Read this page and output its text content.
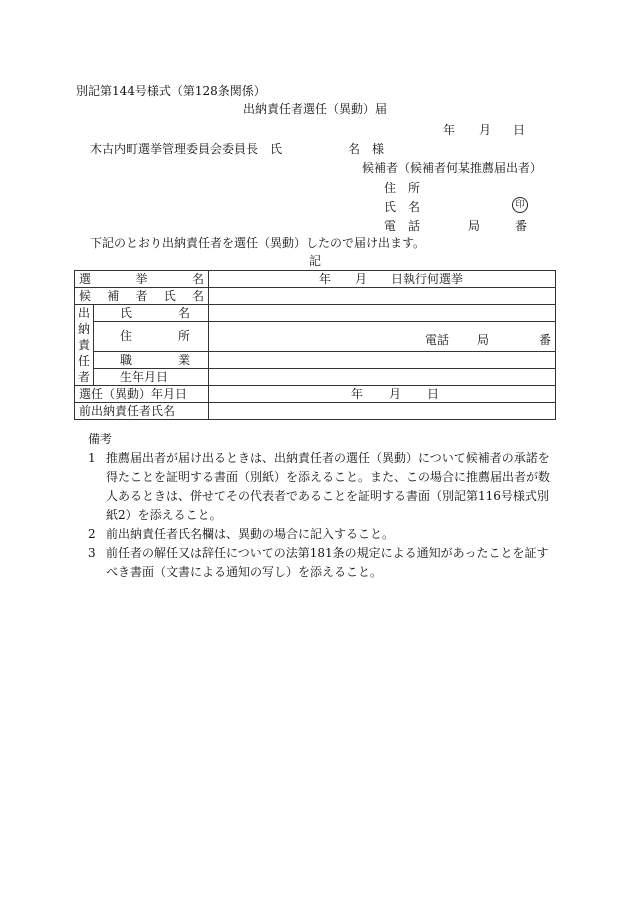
別記第144号様式（第128条関係）
出納責任者選任（異動）届
年 月 日
木古内町選挙管理委員会委員長　氏	名　様
候補者（候補者何某推薦届出者）
住　所
氏　名	印
電　話	局	番
下記のとおり出納責任者を選任（異動）したので届け出ます。
記
選 挙 名		年　　月　　日執行何選挙

候 補 者 氏 名		

出
納
責
任
者	氏 名	

	住 所	電話 局 番

	職 業	

	生年月日	
選任（異動）年月日		年 月 日
前出納責任者氏名		
備考
1 推薦届出者が届け出るときは、出納責任者の選任（異動）について候補者の承諾を得たことを証明する書面（別紙）を添えること。また、この場合に推薦届出者が数人あるときは、併せてその代表者であることを証明する書面（別記第116号様式別紙2）を添えること。
2 前出納責任者氏名欄は、異動の場合に記入すること。
3 前任者の解任又は辞任についての法第181条の規定による通知があったことを証すべき書面（文書による通知の写し）を添えること。
